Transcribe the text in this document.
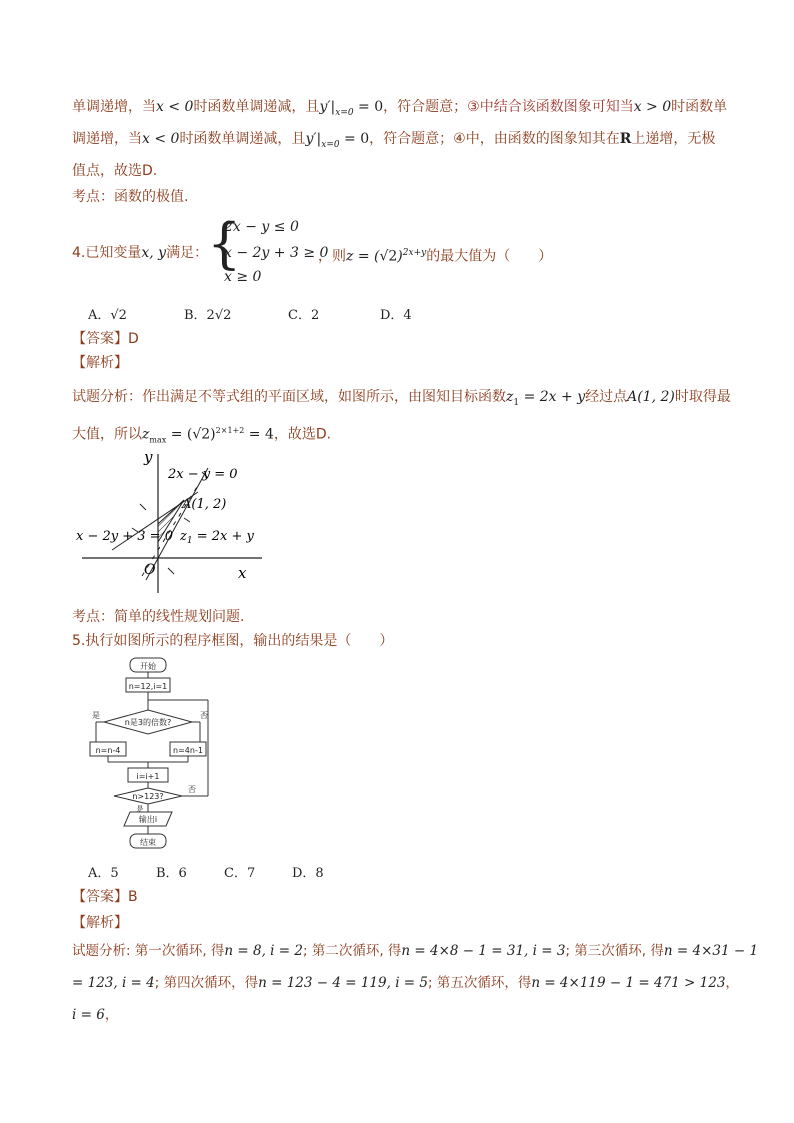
单调递增，当x < 0时函数单调递减，且$y'|_{x=0} = 0$，符合题意；③中结合该函数图象可知当x > 0时函数单
调递增，当x < 0时函数单调递减，且$y'|_{x=0} = 0$，符合题意；④中，由函数的图象知其在R上递增，无极
值点，故选D.
考点：函数的极值.
4.已知变量x, y满足：
{
2x − y ≤ 0
x − 2y + 3 ≥ 0
x ≥ 0
，则$z = (√2)^{2x+y}$的最大值为（　　）
A．√2	B．2√2	C．2	D．4
【答案】D
【解析】
试题分析：作出满足不等式组的平面区域，如图所示，由图知目标函数$z_1 = 2x + y$经过点A(1, 2)时取得最
大值，所以$z_{max} = (√2)^{2\times 1+2} = 4$，故选D.
y
x
2x − y = 0
A(1, 2)
x − 2y + 3 = 0 $z_1 = 2x + y$
O
考点：简单的线性规划问题.
5.执行如图所示的程序框图，输出的结果是（　　）
开始
n=12,i=1
n是3的倍数?
是	否
n=n-4	n=4n-1
i=i+1
n>123?
否
是
输出i
结束
A．5	B．6	C．7	D．8
【答案】B
【解析】
试题分析: 第一次循环, 得n = 8, i = 2; 第二次循环, 得n = 4×8 − 1 = 31, i = 3; 第三次循环, 得n = 4×31 − 1
= 123, i = 4; 第四次循环，得n = 123 − 4 = 119, i = 5; 第五次循环，得n = 4×119 − 1 = 471 > 123，
i = 6，
